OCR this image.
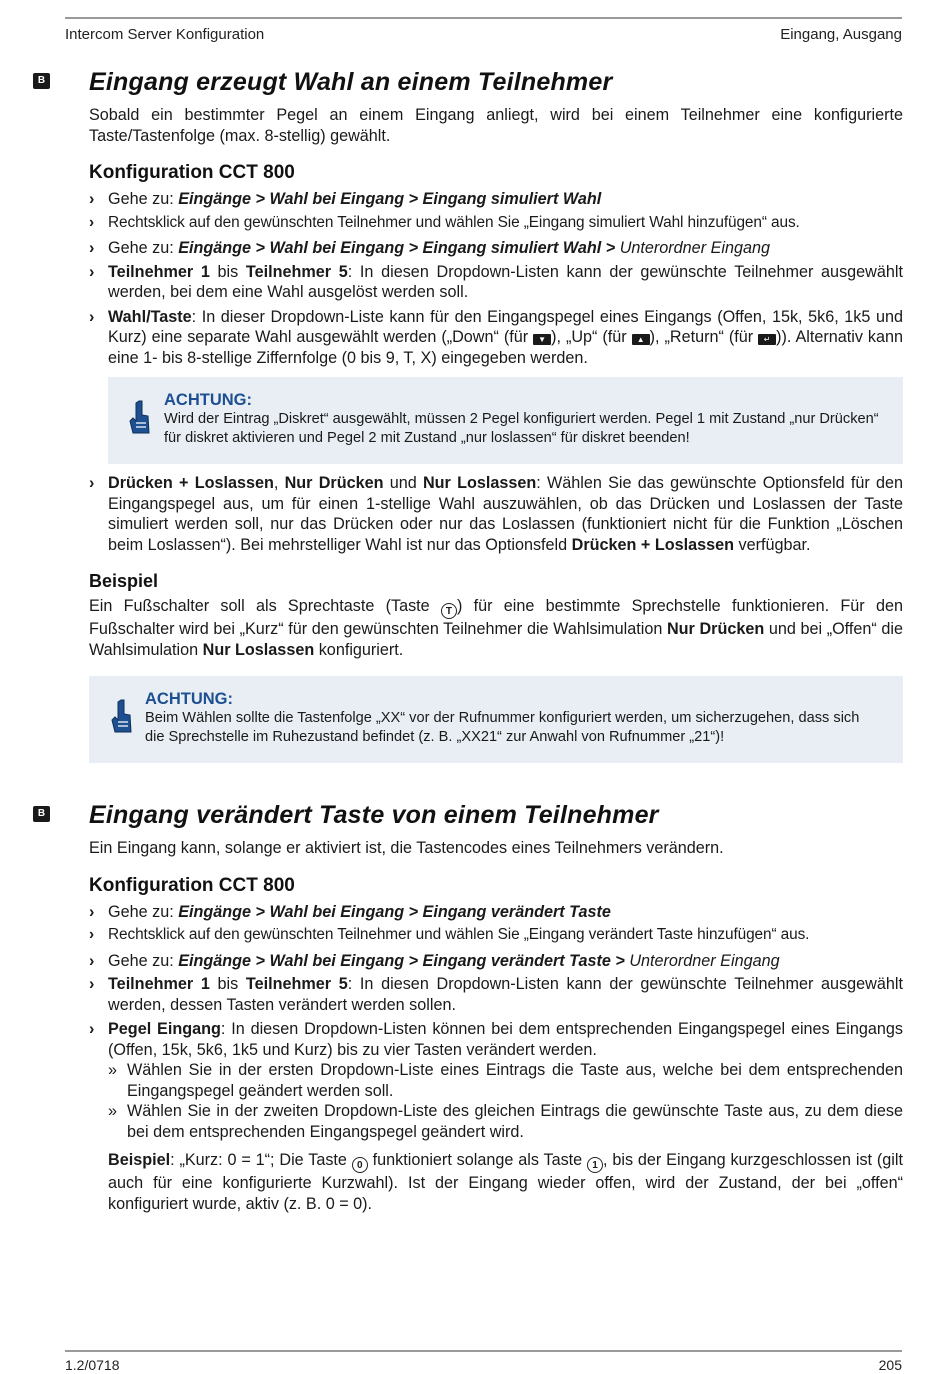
Intercom Server Konfiguration	Eingang, Ausgang
B
B
Eingang erzeugt Wahl an einem Teilnehmer

Sobald ein bestimmter Pegel an einem Eingang anliegt, wird bei einem Teilnehmer eine konfigurierte Taste/Tastenfolge (max. 8-stellig) gewählt.

Konfiguration CCT 800
› Gehe zu: Eingänge > Wahl bei Eingang > Eingang simuliert Wahl
› Rechtsklick auf den gewünschten Teilnehmer und wählen Sie „Eingang simuliert Wahl hinzufügen“ aus.
› Gehe zu: Eingänge > Wahl bei Eingang > Eingang simuliert Wahl > Unterordner Eingang
› Teilnehmer 1 bis Teilnehmer 5: In diesen Dropdown-Listen kann der gewünschte Teilnehmer ausgewählt werden, bei dem eine Wahl ausgelöst werden soll.
› Wahl/Taste: In dieser Dropdown-Liste kann für den Eingangspegel eines Eingangs (Offen, 15k, 5k6, 1k5 und Kurz) eine separate Wahl ausgewählt werden („Down“ (für ▼ ), „Up“ (für ▲ ), „Return“ (für ↵ )). Alternativ kann eine 1- bis 8-stellige Ziffernfolge (0 bis 9, T, X) eingegeben werden.
ACHTUNG:
Wird der Eintrag „Diskret“ ausgewählt, müssen 2 Pegel konfiguriert werden. Pegel 1 mit Zustand „nur Drücken“ für diskret aktivieren und Pegel 2 mit Zustand „nur loslassen“ für diskret beenden!
› Drücken + Loslassen, Nur Drücken und Nur Loslassen: Wählen Sie das gewünschte Optionsfeld für den Eingangspegel aus, um für einen 1-stellige Wahl auszuwählen, ob das Drücken und Loslassen der Taste simuliert werden soll, nur das Drücken oder nur das Loslassen (funktioniert nicht für die Funktion „Löschen beim Loslassen“). Bei mehrstelliger Wahl ist nur das Optionsfeld Drücken + Loslassen verfügbar.
Beispiel

Ein Fußschalter soll als Sprechtaste (Taste T ) für eine bestimmte Sprechstelle funktionieren. Für den Fußschalter wird bei „Kurz“ für den gewünschten Teilnehmer die Wahlsimulation Nur Drücken und bei „Offen“ die Wahlsimulation Nur Loslassen konfiguriert.

ACHTUNG:
Beim Wählen sollte die Tastenfolge „XX“ vor der Rufnummer konfiguriert werden, um sicherzugehen, dass sich die Sprechstelle im Ruhezustand befindet (z. B. „XX21“ zur Anwahl von Rufnummer „21“)!
Eingang verändert Taste von einem Teilnehmer

Ein Eingang kann, solange er aktiviert ist, die Tastencodes eines Teilnehmers verändern.

Konfiguration CCT 800
› Gehe zu: Eingänge > Wahl bei Eingang > Eingang verändert Taste
› Rechtsklick auf den gewünschten Teilnehmer und wählen Sie „Eingang verändert Taste hinzufügen“ aus.
› Gehe zu: Eingänge > Wahl bei Eingang > Eingang verändert Taste > Unterordner Eingang
› Teilnehmer 1 bis Teilnehmer 5: In diesen Dropdown-Listen kann der gewünschte Teilnehmer ausgewählt werden, dessen Tasten verändert werden sollen.
› Pegel Eingang: In diesen Dropdown-Listen können bei dem entsprechenden Eingangspegel eines Eingangs (Offen, 15k, 5k6, 1k5 und Kurz) bis zu vier Tasten verändert werden.
» Wählen Sie in der ersten Dropdown-Liste eines Eintrags die Taste aus, welche bei dem entsprechenden Eingangspegel geändert werden soll.
» Wählen Sie in der zweiten Dropdown-Liste des gleichen Eintrags die gewünschte Taste aus, zu dem diese bei dem entsprechenden Eingangspegel geändert wird.

Beispiel: „Kurz: 0 = 1“; Die Taste 0 funktioniert solange als Taste 1 , bis der Eingang kurzgeschlossen ist (gilt auch für eine konfigurierte Kurzwahl). Ist der Eingang wieder offen, wird der Zustand, der bei „offen“ konfiguriert wurde, aktiv (z. B. 0 = 0).

1.2/0718	205
